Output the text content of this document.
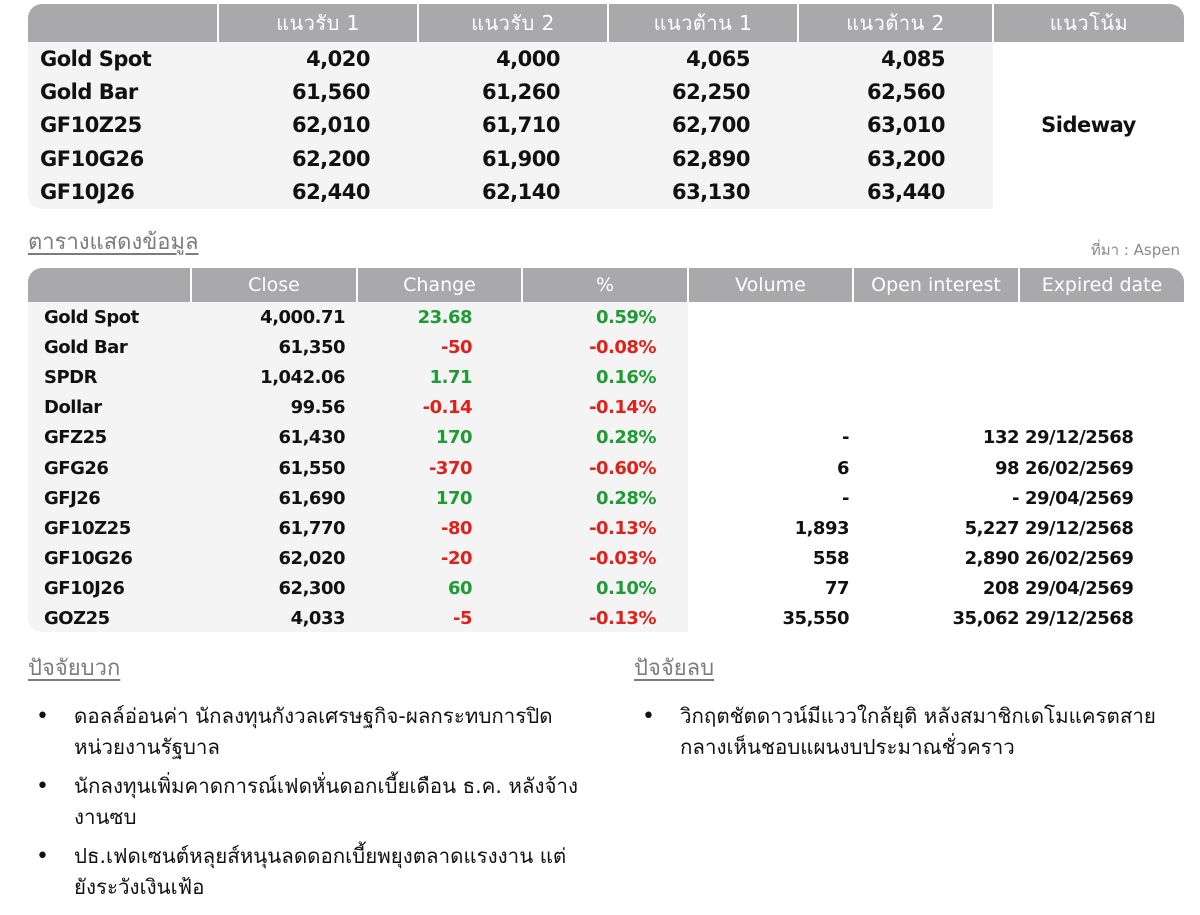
	แนวรับ 1	แนวรับ 2	แนวต้าน 1	แนวต้าน 2	แนวโน้ม
Gold Spot	4,020	4,000	4,065	4,085	Sideway
Gold Bar	61,560	61,260	62,250	62,560	
GF10Z25	62,010	61,710	62,700	63,010	
GF10G26	62,200	61,900	62,890	63,200	
GF10J26	62,440	62,140	63,130	63,440	
ตารางแสดงข้อมูล	ที่มา : Aspen

	Close	Change	%	Volume	Open interest	Expired date
Gold Spot	4,000.71	23.68	0.59%			
Gold Bar	61,350	-50	-0.08%			
SPDR	1,042.06	1.71	0.16%			
Dollar	99.56	-0.14	-0.14%			
GFZ25	61,430	170	0.28%	-	132	29/12/2568
GFG26	61,550	-370	-0.60%	6	98	26/02/2569
GFJ26	61,690	170	0.28%	-	-	29/04/2569
GF10Z25	61,770	-80	-0.13%	1,893	5,227	29/12/2568
GF10G26	62,020	-20	-0.03%	558	2,890	26/02/2569
GF10J26	62,300	60	0.10%	77	208	29/04/2569
GOZ25	4,033	-5	-0.13%	35,550	35,062	29/12/2568
ปัจจัยบวก
• ดอลล์อ่อนค่า นักลงทุนกังวลเศรษฐกิจ-ผลกระทบการปิดหน่วยงานรัฐบาล
• นักลงทุนเพิ่มคาดการณ์เฟดหั่นดอกเบี้ยเดือน ธ.ค. หลังจ้างงานซบ
• ปธ.เฟดเซนต์หลุยส์หนุนลดดอกเบี้ยพยุงตลาดแรงงาน แต่ยังระวังเงินเฟ้อ
ปัจจัยลบ
• วิกฤตชัตดาวน์มีแววใกล้ยุติ หลังสมาชิกเดโมแครตสายกลางเห็นชอบแผนงบประมาณชั่วคราว
